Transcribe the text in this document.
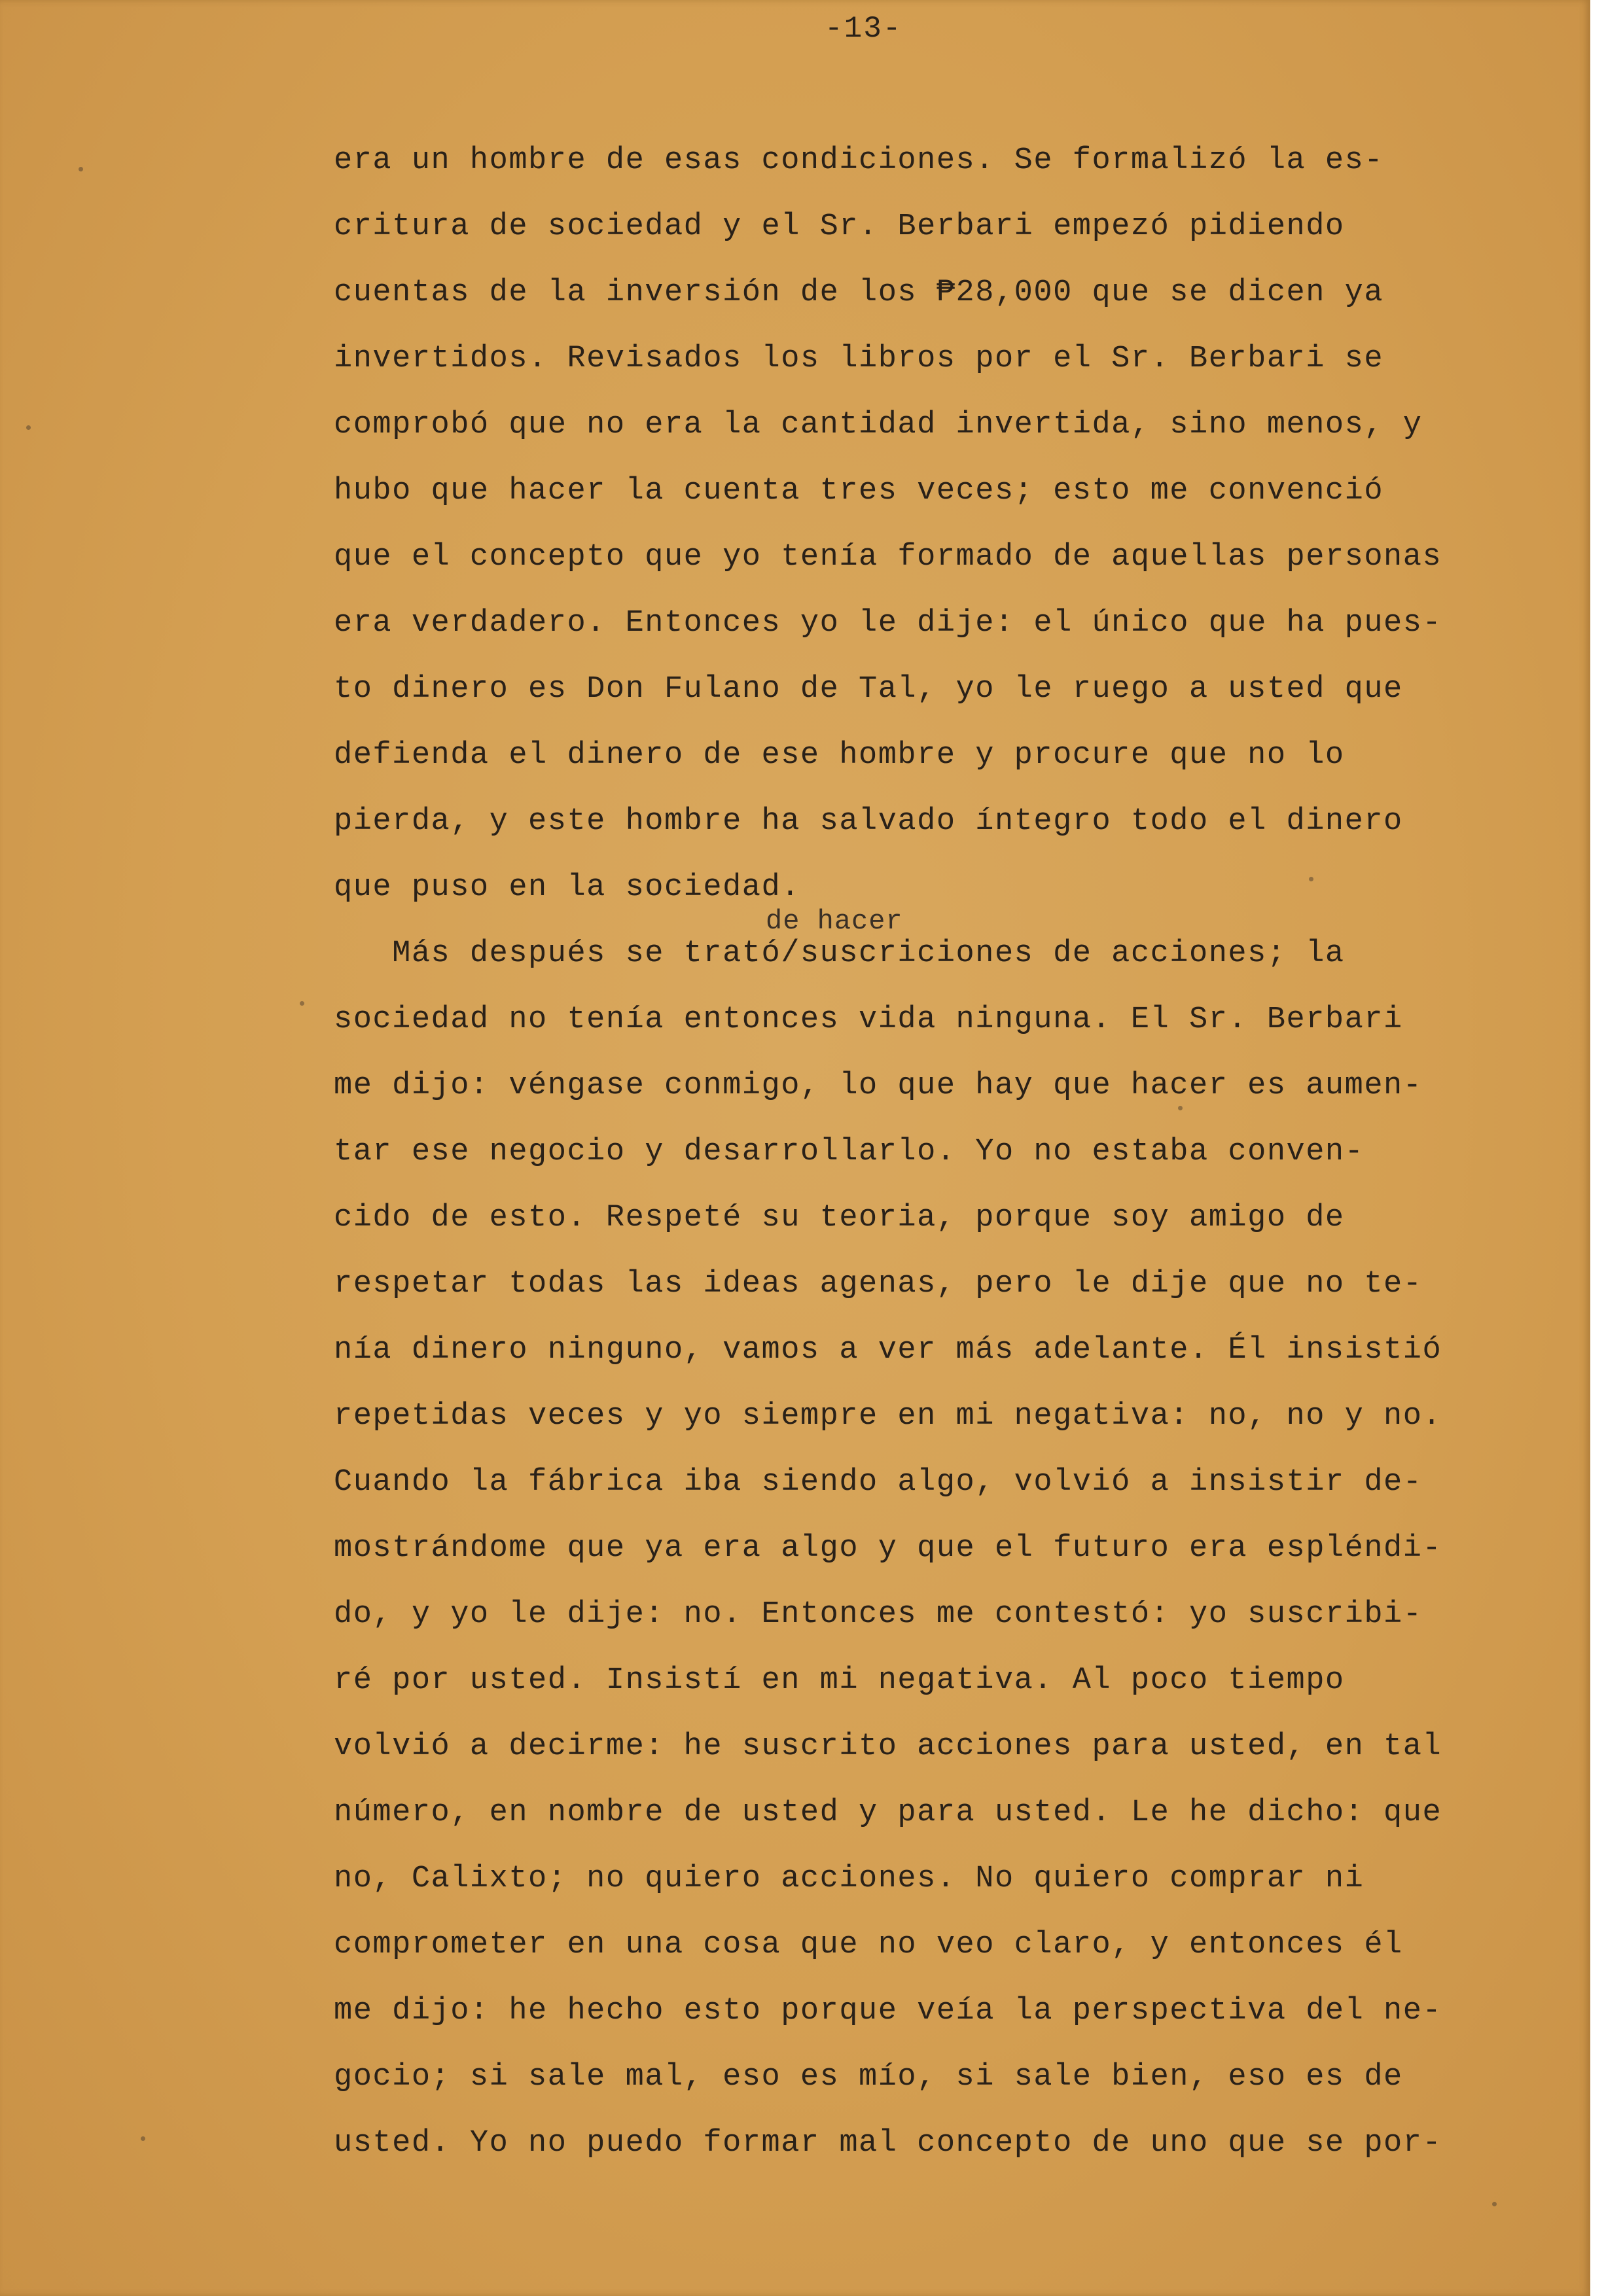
-13-

era un hombre de esas condiciones. Se formalizó la es-

critura de sociedad y el Sr. Berbari empezó pidiendo

cuentas de la inversión de los ₱28,000 que se dicen ya

invertidos. Revisados los libros por el Sr. Berbari se

comprobó que no era la cantidad invertida, sino menos, y

hubo que hacer la cuenta tres veces; esto me convenció

que el concepto que yo tenía formado de aquellas personas

era verdadero. Entonces yo le dije: el único que ha pues-

to dinero es Don Fulano de Tal, yo le ruego a usted que

defienda el dinero de ese hombre y procure que no lo

pierda, y este hombre ha salvado íntegro todo el dinero

que puso en la sociedad.

Más después se trató/suscriciones de acciones; la

sociedad no tenía entonces vida ninguna. El Sr. Berbari

me dijo: véngase conmigo, lo que hay que hacer es aumen-

tar ese negocio y desarrollarlo. Yo no estaba conven-

cido de esto. Respeté su teoria, porque soy amigo de

respetar todas las ideas agenas, pero le dije que no te-

nía dinero ninguno, vamos a ver más adelante. Él insistió

repetidas veces y yo siempre en mi negativa: no, no y no.

Cuando la fábrica iba siendo algo, volvió a insistir de-

mostrándome que ya era algo y que el futuro era espléndi-

do, y yo le dije: no. Entonces me contestó: yo suscribi-

ré por usted. Insistí en mi negativa. Al poco tiempo

volvió a decirme: he suscrito acciones para usted, en tal

número, en nombre de usted y para usted. Le he dicho: que

no, Calixto; no quiero acciones. No quiero comprar ni

comprometer en una cosa que no veo claro, y entonces él

me dijo: he hecho esto porque veía la perspectiva del ne-

gocio; si sale mal, eso es mío, si sale bien, eso es de

usted. Yo no puedo formar mal concepto de uno que se por-

de hacer
